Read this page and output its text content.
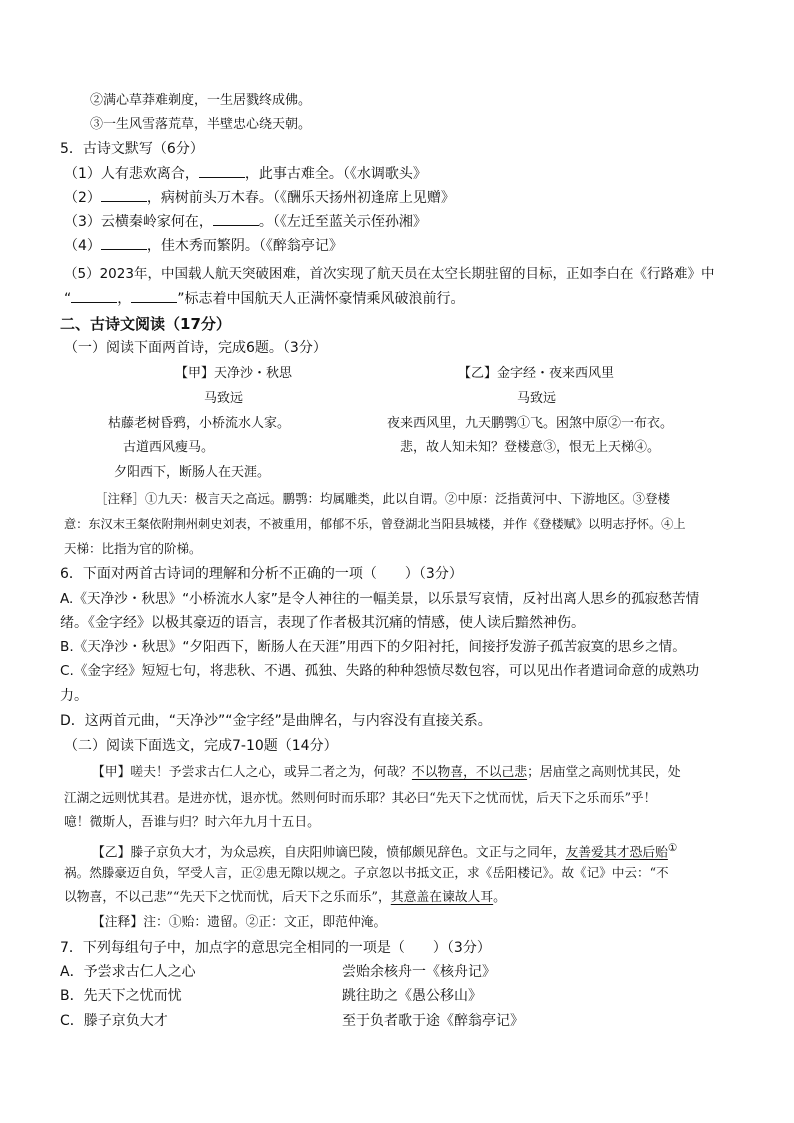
②满心草莽难剃度，一生居戮终成佛。
③一生风雪落荒草，半壁忠心绕天朝。
5．古诗文默写（6分）
（1）人有悲欢离合，	，此事古难全。（《水调歌头》
（2）	，病树前头万木春。（《酬乐天扬州初逢席上见赠》
（3）云横秦岭家何在，	。（《左迁至蓝关示侄孙湘》
（4）	，佳木秀而繁阴。（《醉翁亭记》
（5）2023年，中国载人航天突破困难，首次实现了航天员在太空长期驻留的目标，正如李白在《行路难》中
“	，	”标志着中国航天人正满怀豪情乘风破浪前行。
二、古诗文阅读（17分）
（一）阅读下面两首诗，完成6题。（3分）
【甲】天净沙・秋思
马致远
枯藤老树昏鸦，小桥流水人家。
古道西风瘦马。
夕阳西下，断肠人在天涯。
【乙】金字经・夜来西风里
马致远
夜来西风里，九天鹏鹗①飞。困煞中原②一布衣。
悲，故人知未知？登楼意③，恨无上天梯④。
［注释］①九天：极言天之高远。鹏鹗：均属雕类，此以自谓。②中原：泛指黄河中、下游地区。③登楼
意：东汉末王粲依附荆州刺史刘表，不被重用，郁郁不乐，曾登湖北当阳县城楼，并作《登楼赋》以明志抒怀。④上
天梯：比指为官的阶梯。
6．下面对两首古诗词的理解和分析不正确的一项（　　）（3分）
A.《天净沙・秋思》“小桥流水人家”是令人神往的一幅美景，以乐景写哀情，反衬出离人思乡的孤寂愁苦情
绪。《金字经》以极其豪迈的语言，表现了作者极其沉痛的情感，使人读后黯然神伤。
B.《天净沙・秋思》“夕阳西下，断肠人在天涯”用西下的夕阳衬托，间接抒发游子孤苦寂寞的思乡之情。
C.《金字经》短短七句，将悲秋、不遇、孤独、失路的种种怨愤尽数包容，可以见出作者遣词命意的成熟功
力。
D．这两首元曲，“天净沙”“金字经”是曲牌名，与内容没有直接关系。
（二）阅读下面选文，完成7-10题（14分）
【甲】嗟夫！予尝求古仁人之心，或异二者之为，何哉？不以物喜，不以己悲；居庙堂之高则忧其民，处
江湖之远则忧其君。是进亦忧，退亦忧。然则何时而乐耶？其必曰“先天下之忧而忧，后天下之乐而乐”乎！
噫！微斯人，吾谁与归？时六年九月十五日。
【乙】滕子京负大才，为众忌疾，自庆阳帅谪巴陵，愤郁颇见辞色。文正与之同年，友善爱其才恐后贻①
祸。然滕豪迈自负，罕受人言，正②患无隙以规之。子京忽以书抵文正，求《岳阳楼记》。故《记》中云：“不
以物喜，不以己悲”“先天下之忧而忧，后天下之乐而乐”，其意盖在谏故人耳。
【注释】注：①贻：遗留。②正：文正，即范仲淹。
7．下列每组句子中，加点字的意思完全相同的一项是（　　）（3分）
A．予尝求古仁人之心	尝贻余核舟一《核舟记》
B．先天下之忧而忧	跳往助之《愚公移山》
C．滕子京负大才	至于负者歌于途《醉翁亭记》
